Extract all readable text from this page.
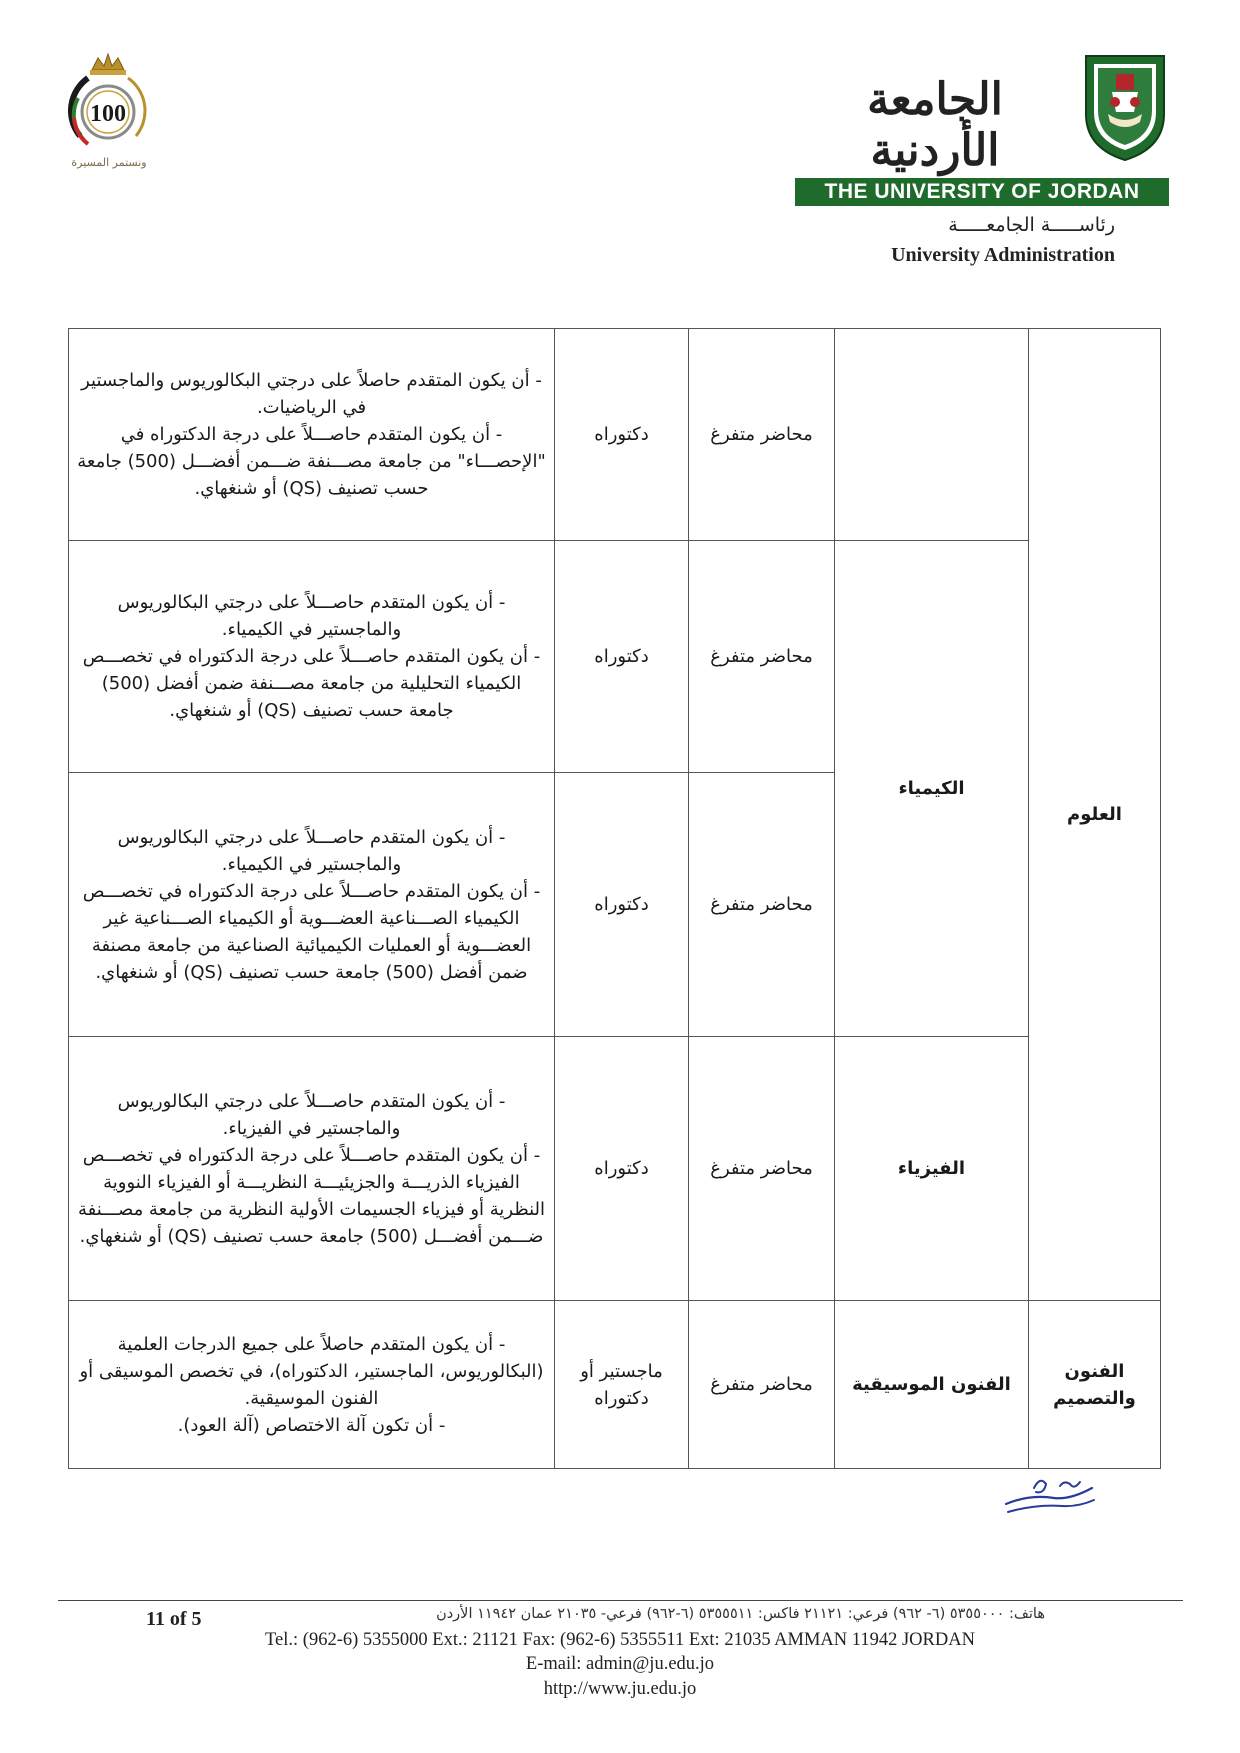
100
ونستمر المسيرة
الجامعة الأردنية
THE UNIVERSITY OF JORDAN
رئاســـــة الجامعـــــة
University Administration
العلوم		محاضر متفرغ	دكتوراه	- أن يكون المتقدم حاصلاً على درجتي البكالوريوس والماجستير في الرياضيات.
- أن يكون المتقدم حاصـــلاً على درجة الدكتوراه في "الإحصـــاء" من جامعة مصـــنفة ضـــمن أفضـــل (500) جامعة حسب تصنيف (QS) أو شنغهاي.

	الكيمياء	محاضر متفرغ	دكتوراه	- أن يكون المتقدم حاصـــلاً على درجتي البكالوريوس والماجستير في الكيمياء.
- أن يكون المتقدم حاصـــلاً على درجة الدكتوراه في تخصـــص الكيمياء التحليلية من جامعة مصـــنفة ضمن أفضل (500) جامعة حسب تصنيف (QS) أو شنغهاي.

		محاضر متفرغ	دكتوراه	- أن يكون المتقدم حاصـــلاً على درجتي البكالوريوس والماجستير في الكيمياء.
- أن يكون المتقدم حاصـــلاً على درجة الدكتوراه في تخصـــص الكيمياء الصـــناعية العضـــوية أو الكيمياء الصـــناعية غير العضـــوية أو العمليات الكيميائية الصناعية من جامعة مصنفة ضمن أفضل (500) جامعة حسب تصنيف (QS) أو شنغهاي.

	الفيزياء	محاضر متفرغ	دكتوراه	- أن يكون المتقدم حاصـــلاً على درجتي البكالوريوس والماجستير في الفيزياء.
- أن يكون المتقدم حاصـــلاً على درجة الدكتوراه في تخصـــص الفيزياء الذريـــة والجزيئيـــة النظريـــة أو الفيزياء النووية النظرية أو فيزياء الجسيمات الأولية النظرية من جامعة مصـــنفة ضـــمن أفضـــل (500) جامعة حسب تصنيف (QS) أو شنغهاي.

الفنون والتصميم	الفنون الموسيقية	محاضر متفرغ	ماجستير أو دكتوراه	- أن يكون المتقدم حاصلاً على جميع الدرجات العلمية (البكالوريوس، الماجستير، الدكتوراه)، في تخصص الموسيقى أو الفنون الموسيقية.
- أن تكون آلة الاختصاص (آلة العود).
11 of 5	هاتف: ٥٣٥٥٠٠٠ (٦- ٩٦٢) فرعي: ٢١١٢١ فاكس: ٥٣٥٥٥١١ (٦-٩٦٢) فرعي- ٢١٠٣٥ عمان ١١٩٤٢ الأردن
Tel.: (962-6) 5355000 Ext.: 21121 Fax: (962-6) 5355511 Ext: 21035 AMMAN 11942 JORDAN
E-mail: admin@ju.edu.jo
http://www.ju.edu.jo
